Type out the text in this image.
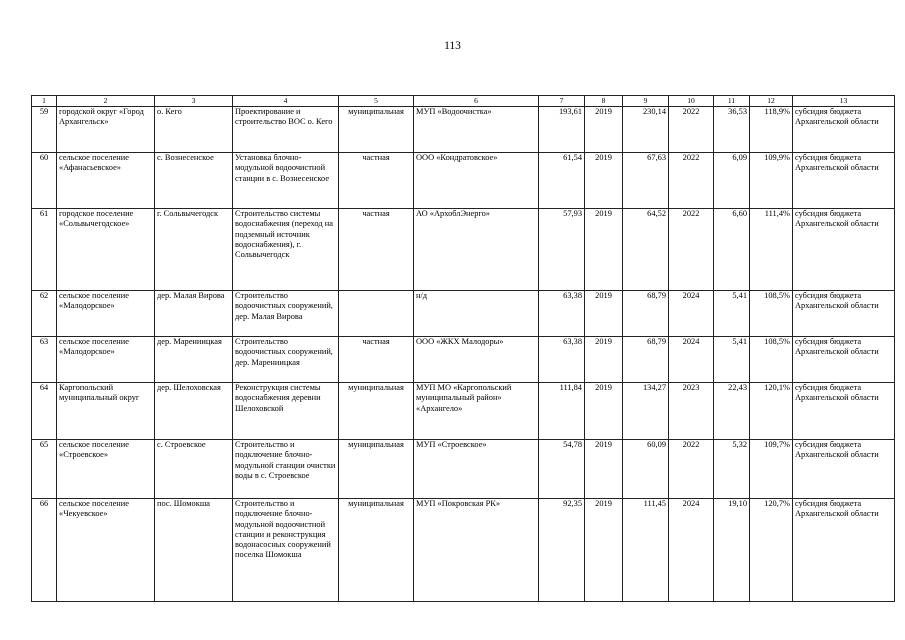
113
1	2	3	4	5	6	7	8	9	10	11	12	13
59	городской округ «Город Архангельск»	о. Кего	Проектирование и строительство ВОС о. Кего	муниципальная	МУП «Водоочистка»	193,61	2019	230,14	2022	36,53	118,9%	субсидия бюджета Архангельской области
60	сельское поселение «Афанасьевское»	с. Вознесенское	Установка блочно-модульной водоочистной станции в с. Вознесенское	частная	ООО «Кондратовское»	61,54	2019	67,63	2022	6,09	109,9%	субсидия бюджета Архангельской области
61	городское поселение «Сольвычегодское»	г. Сольвычегодск	Строительство системы водоснабжения (переход на подземный источник водоснабжения), г. Сольвычегодск	частная	АО «АрхоблЭнерго»	57,93	2019	64,52	2022	6,60	111,4%	субсидия бюджета Архангельской области
62	сельское поселение «Малодорское»	дер. Малая Вирова	Строительство водоочистных сооружений, дер. Малая Вирова		н/д	63,38	2019	68,79	2024	5,41	108,5%	субсидия бюджета Архангельской области
63	сельское поселение «Малодорское»	дер. Марениицкая	Строительство водоочистных сооружений, дер. Марениицкая	частная	ООО «ЖКХ Малодоры»	63,38	2019	68,79	2024	5,41	108,5%	субсидия бюджета Архангельской области
64	Каргопольский муниципальный округ	дер. Шелоховская	Реконструкция системы водоснабжения деревни Шелоховской	муниципальная	МУП МО «Каргопольский муниципальный район» «Архангело»	111,84	2019	134,27	2023	22,43	120,1%	субсидия бюджета Архангельской области
65	сельское поселение «Строевское»	с. Строевское	Строительство и подключение блочно-модульной станции очистки воды в с. Строевское	муниципальная	МУП «Строевское»	54,78	2019	60,09	2022	5,32	109,7%	субсидия бюджета Архангельской области
66	сельское поселение «Чекуевское»	пос. Шомокша	Строительство и подключение блочно-модульной водоочистной станции и реконструкция водонасосных сооружений поселка Шомокша	муниципальная	МУП «Покровская РК»	92,35	2019	111,45	2024	19,10	120,7%	субсидия бюджета Архангельской области
